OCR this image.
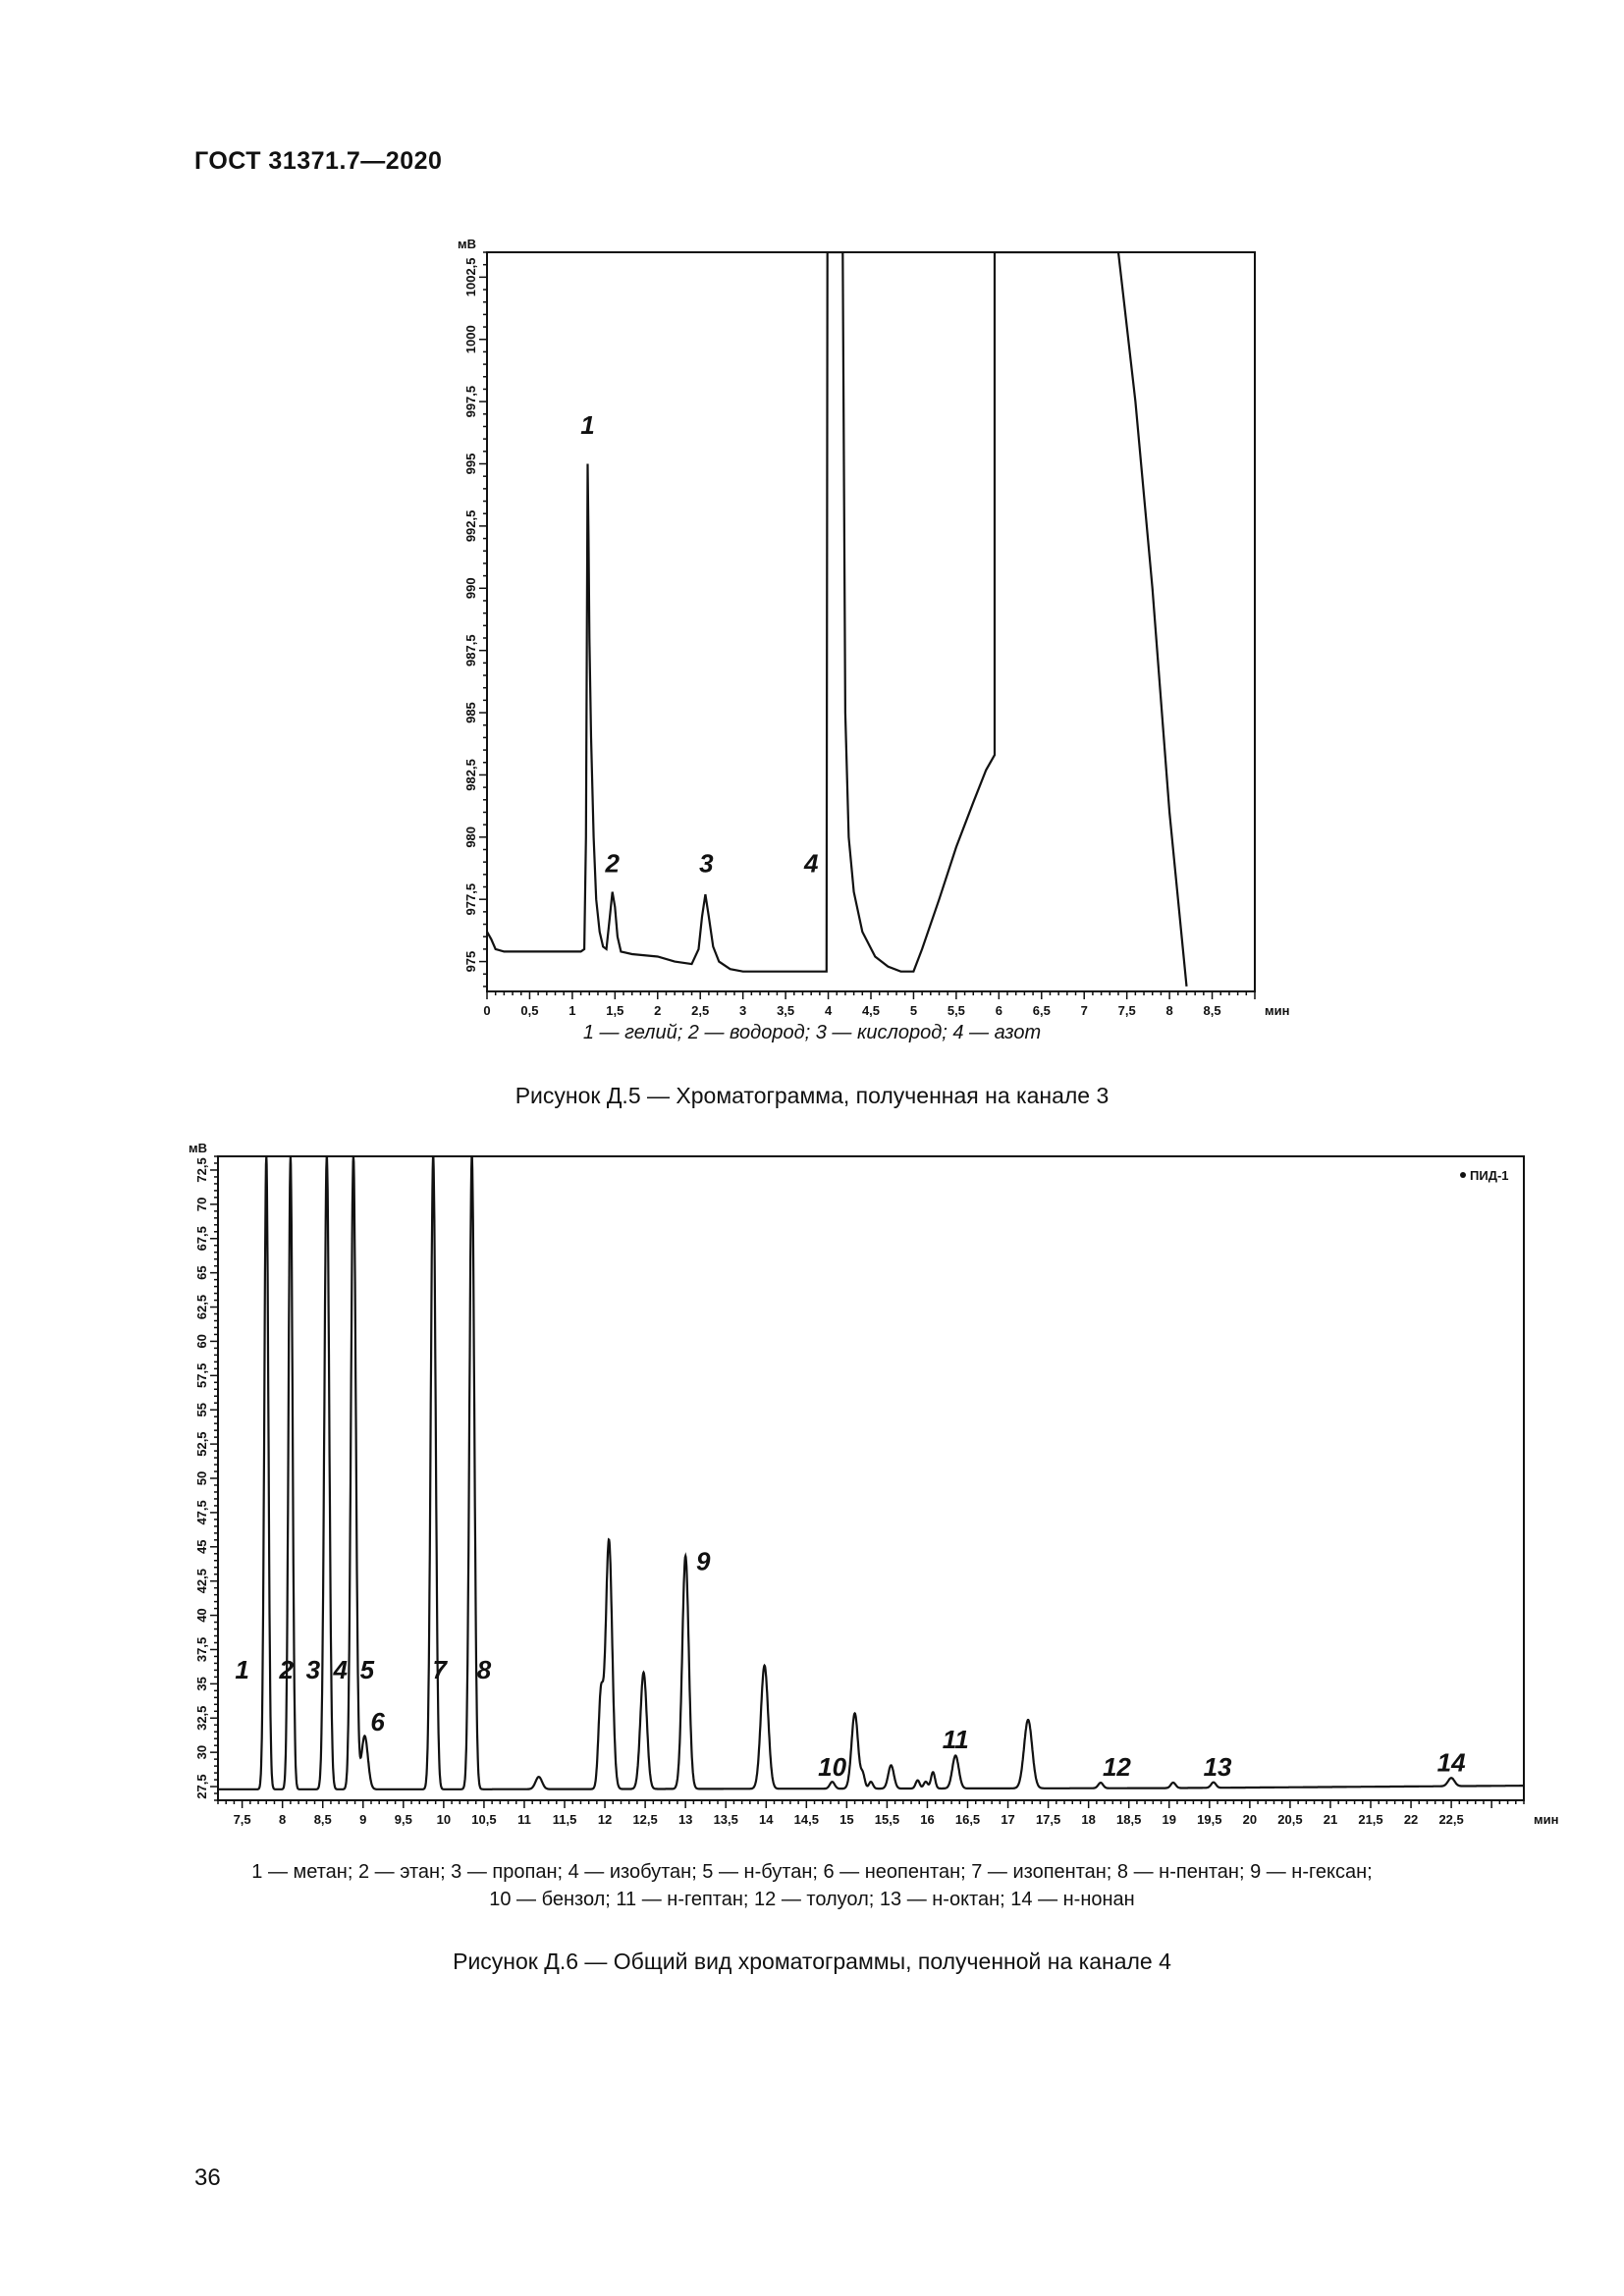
ГОСТ 31371.7—2020
0 0,5 1 1,5 2 2,5 3 3,5 4 4,5 5 5,5 6 6,5 7 7,5 8 8,5	мин
975
977,5
980
982,5
985
987,5
990
992,5
995
997,5
1000
1002,5
мВ
1
2	3	4
1 — гелий; 2 — водород; 3 — кислород; 4 — азот
Рисунок Д.5 — Хроматограмма, полученная на канале 3
7,5 8 8,5 9 9,5 10 10,5 11 11,5 12 12,5 13 13,5 14 14,5 15 15,5 16 16,5 17 17,5 18 18,5 19 19,5 20 20,5 21 21,5 22 22,5	мин
27,5
30
32,5
35
37,5
40
42,5
45
47,5
50
52,5
55
57,5
60
62,5
65
67,5
70
72,5
мВ
1 2 3 4 5
6
7 8
9
10
11
12	13	14
ПИД-1
1 — метан; 2 — этан; 3 — пропан; 4 — изобутан; 5 — н-бутан; 6 — неопентан; 7 — изопентан; 8 — н-пентан; 9 — н-гексан;
10 — бензол; 11 — н-гептан; 12 — толуол; 13 — н-октан; 14 — н-нонан
Рисунок Д.6 — Общий вид хроматограммы, полученной на канале 4
36
